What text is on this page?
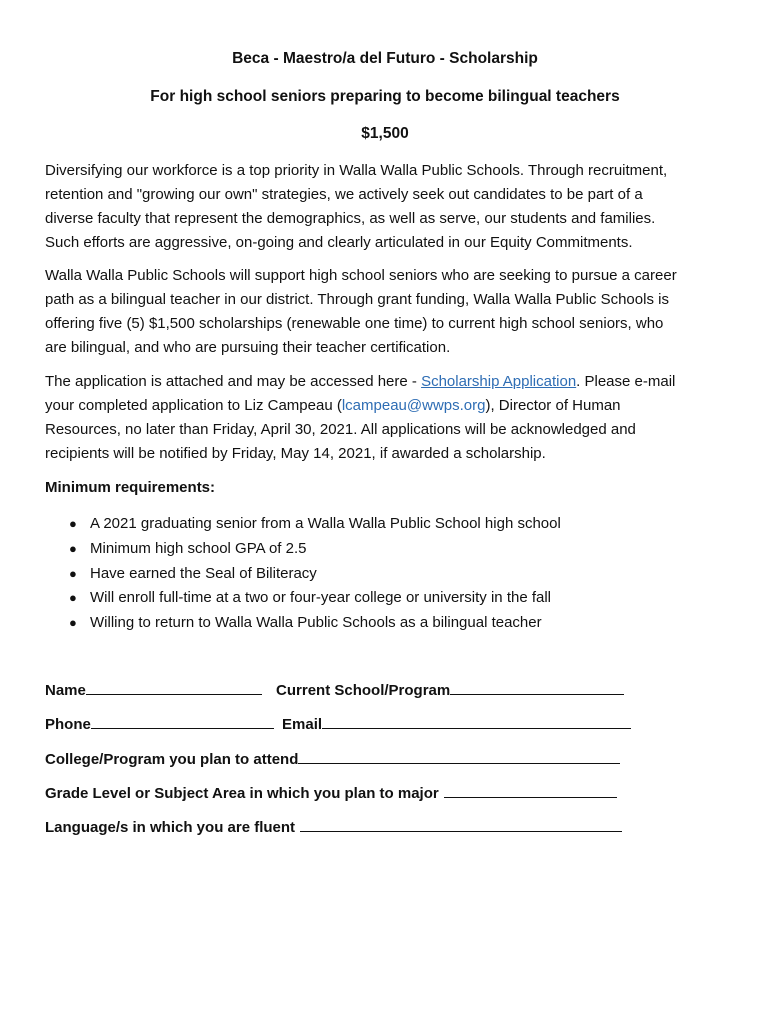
Beca - Maestro/a del Futuro - Scholarship
For high school seniors preparing to become bilingual teachers
$1,500
Diversifying our workforce is a top priority in Walla Walla Public Schools. Through recruitment,
retention and "growing our own" strategies, we actively seek out candidates to be part of a
diverse faculty that represent the demographics, as well as serve, our students and families.
Such efforts are aggressive, on-going and clearly articulated in our Equity Commitments.
Walla Walla Public Schools will support high school seniors who are seeking to pursue a career
path as a bilingual teacher in our district. Through grant funding, Walla Walla Public Schools is
offering five (5) $1,500 scholarships (renewable one time) to current high school seniors, who
are bilingual, and who are pursuing their teacher certification.
The application is attached and may be accessed here - Scholarship Application. Please e-mail
your completed application to Liz Campeau (lcampeau@wwps.org), Director of Human
Resources, no later than Friday, April 30, 2021. All applications will be acknowledged and
recipients will be notified by Friday, May 14, 2021, if awarded a scholarship.
Minimum requirements:
● A 2021 graduating senior from a Walla Walla Public School high school
● Minimum high school GPA of 2.5
● Have earned the Seal of Biliteracy
● Will enroll full-time at a two or four-year college or university in the fall
● Willing to return to Walla Walla Public Schools as a bilingual teacher
Name	Current School/Program
Phone	Email
College/Program you plan to attend
Grade Level or Subject Area in which you plan to major
Language/s in which you are fluent
